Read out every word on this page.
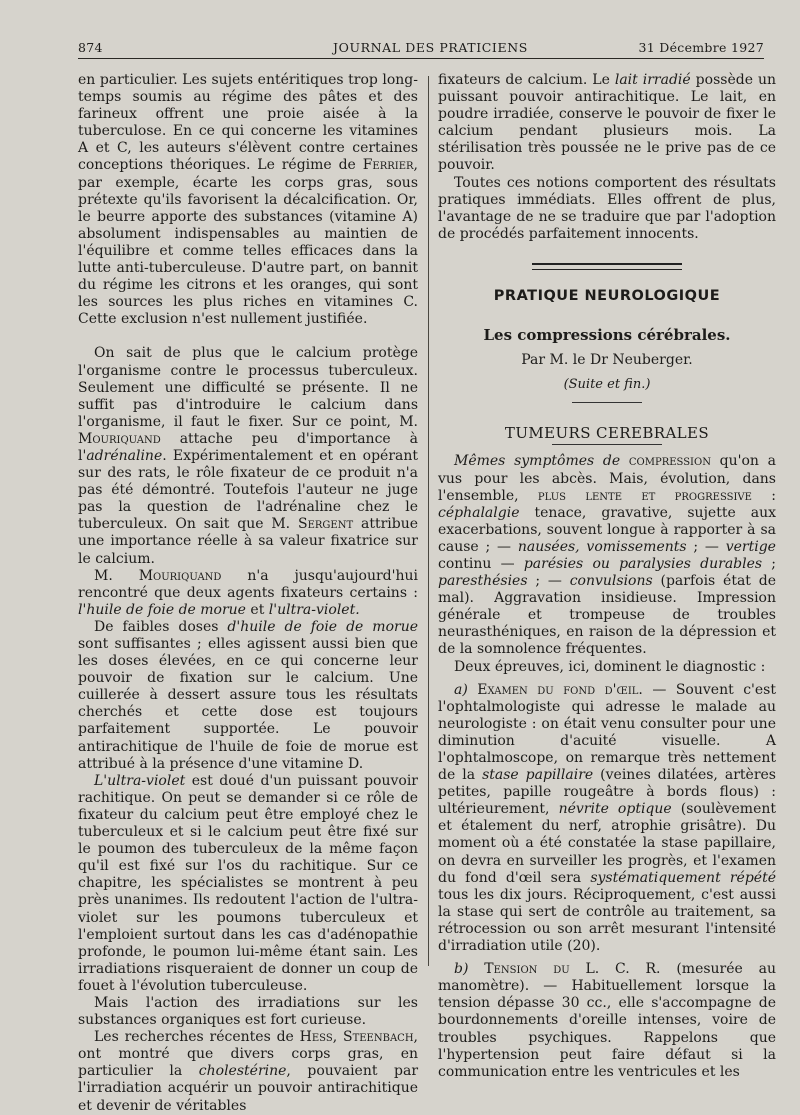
874	JOURNAL DES PRATICIENS	31 Décembre 1927

en particulier. Les sujets entéritiques trop long-temps soumis au régime des pâtes et des farineux offrent une proie aisée à la tuberculose. En ce qui concerne les vitamines A et C, les auteurs s'élèvent contre certaines conceptions théoriques. Le régime de Ferrier, par exemple, écarte les corps gras, sous prétexte qu'ils favorisent la décalcification. Or, le beurre apporte des substances (vitamine A) absolument indispensables au maintien de l'équilibre et comme telles efficaces dans la lutte anti-tuberculeuse. D'autre part, on bannit du régime les citrons et les oranges, qui sont les sources les plus riches en vitamines C. Cette exclusion n'est nullement justifiée.

On sait de plus que le calcium protège l'organisme contre le processus tuberculeux. Seulement une difficulté se présente. Il ne suffit pas d'introduire le calcium dans l'organisme, il faut le fixer. Sur ce point, M. Mouriquand attache peu d'importance à l'adrénaline. Expérimentalement et en opérant sur des rats, le rôle fixateur de ce produit n'a pas été démontré. Toutefois l'auteur ne juge pas la question de l'adrénaline chez le tuberculeux. On sait que M. Sergent attribue une importance réelle à sa valeur fixatrice sur le calcium.

M. Mouriquand n'a jusqu'aujourd'hui rencontré que deux agents fixateurs certains : l'huile de foie de morue et l'ultra-violet.

De faibles doses d'huile de foie de morue sont suffisantes ; elles agissent aussi bien que les doses élevées, en ce qui concerne leur pouvoir de fixation sur le calcium. Une cuillerée à dessert assure tous les résultats cherchés et cette dose est toujours parfaitement supportée. Le pouvoir antirachitique de l'huile de foie de morue est attribué à la présence d'une vitamine D.

L'ultra-violet est doué d'un puissant pouvoir rachitique. On peut se demander si ce rôle de fixateur du calcium peut être employé chez le tuberculeux et si le calcium peut être fixé sur le poumon des tuberculeux de la même façon qu'il est fixé sur l'os du rachitique. Sur ce chapitre, les spécialistes se montrent à peu près unanimes. Ils redoutent l'action de l'ultra-violet sur les poumons tuberculeux et l'emploient surtout dans les cas d'adénopathie profonde, le poumon lui-même étant sain. Les irradiations risqueraient de donner un coup de fouet à l'évolution tuberculeuse.

Mais l'action des irradiations sur les substances organiques est fort curieuse.

Les recherches récentes de Hess, Steenbach, ont montré que divers corps gras, en particulier la cholestérine, pouvaient par l'irradiation acquérir un pouvoir antirachitique et devenir de véritables

fixateurs de calcium. Le lait irradié possède un puissant pouvoir antirachitique. Le lait, en poudre irradiée, conserve le pouvoir de fixer le calcium pendant plusieurs mois. La stérilisation très poussée ne le prive pas de ce pouvoir.

Toutes ces notions comportent des résultats pratiques immédiats. Elles offrent de plus, l'avantage de ne se traduire que par l'adoption de procédés parfaitement innocents.

PRATIQUE NEUROLOGIQUE
Les compressions cérébrales.
Par M. le Dr Neuberger.
(Suite et fin.)
TUMEURS CEREBRALES

Mêmes symptômes de compression qu'on a vus pour les abcès. Mais, évolution, dans l'ensemble, plus lente et progressive : céphalalgie tenace, gravative, sujette aux exacerbations, souvent longue à rapporter à sa cause ; — nausées, vomissements ; — vertige continu — parésies ou paralysies durables ; paresthésies ; — convulsions (parfois état de mal). Aggravation insidieuse. Impression générale et trompeuse de troubles neurasthéniques, en raison de la dépression et de la somnolence fréquentes.

Deux épreuves, ici, dominent le diagnostic :

a) Examen du fond d'œil. — Souvent c'est l'ophtalmologiste qui adresse le malade au neurologiste : on était venu consulter pour une diminution d'acuité visuelle. A l'ophtalmoscope, on remarque très nettement de la stase papillaire (veines dilatées, artères petites, papille rougeâtre à bords flous) : ultérieurement, névrite optique (soulèvement et étalement du nerf, atrophie grisâtre). Du moment où a été constatée la stase papillaire, on devra en surveiller les progrès, et l'examen du fond d'œil sera systématiquement répété tous les dix jours. Réciproquement, c'est aussi la stase qui sert de contrôle au traitement, sa rétrocession ou son arrêt mesurant l'intensité d'irradiation utile (20).

b) Tension du L. C. R. (mesurée au manomètre). — Habituellement lorsque la tension dépasse 30 cc., elle s'accompagne de bourdonnements d'oreille intenses, voire de troubles psychiques. Rappelons que l'hypertension peut faire défaut si la communication entre les ventricules et les
